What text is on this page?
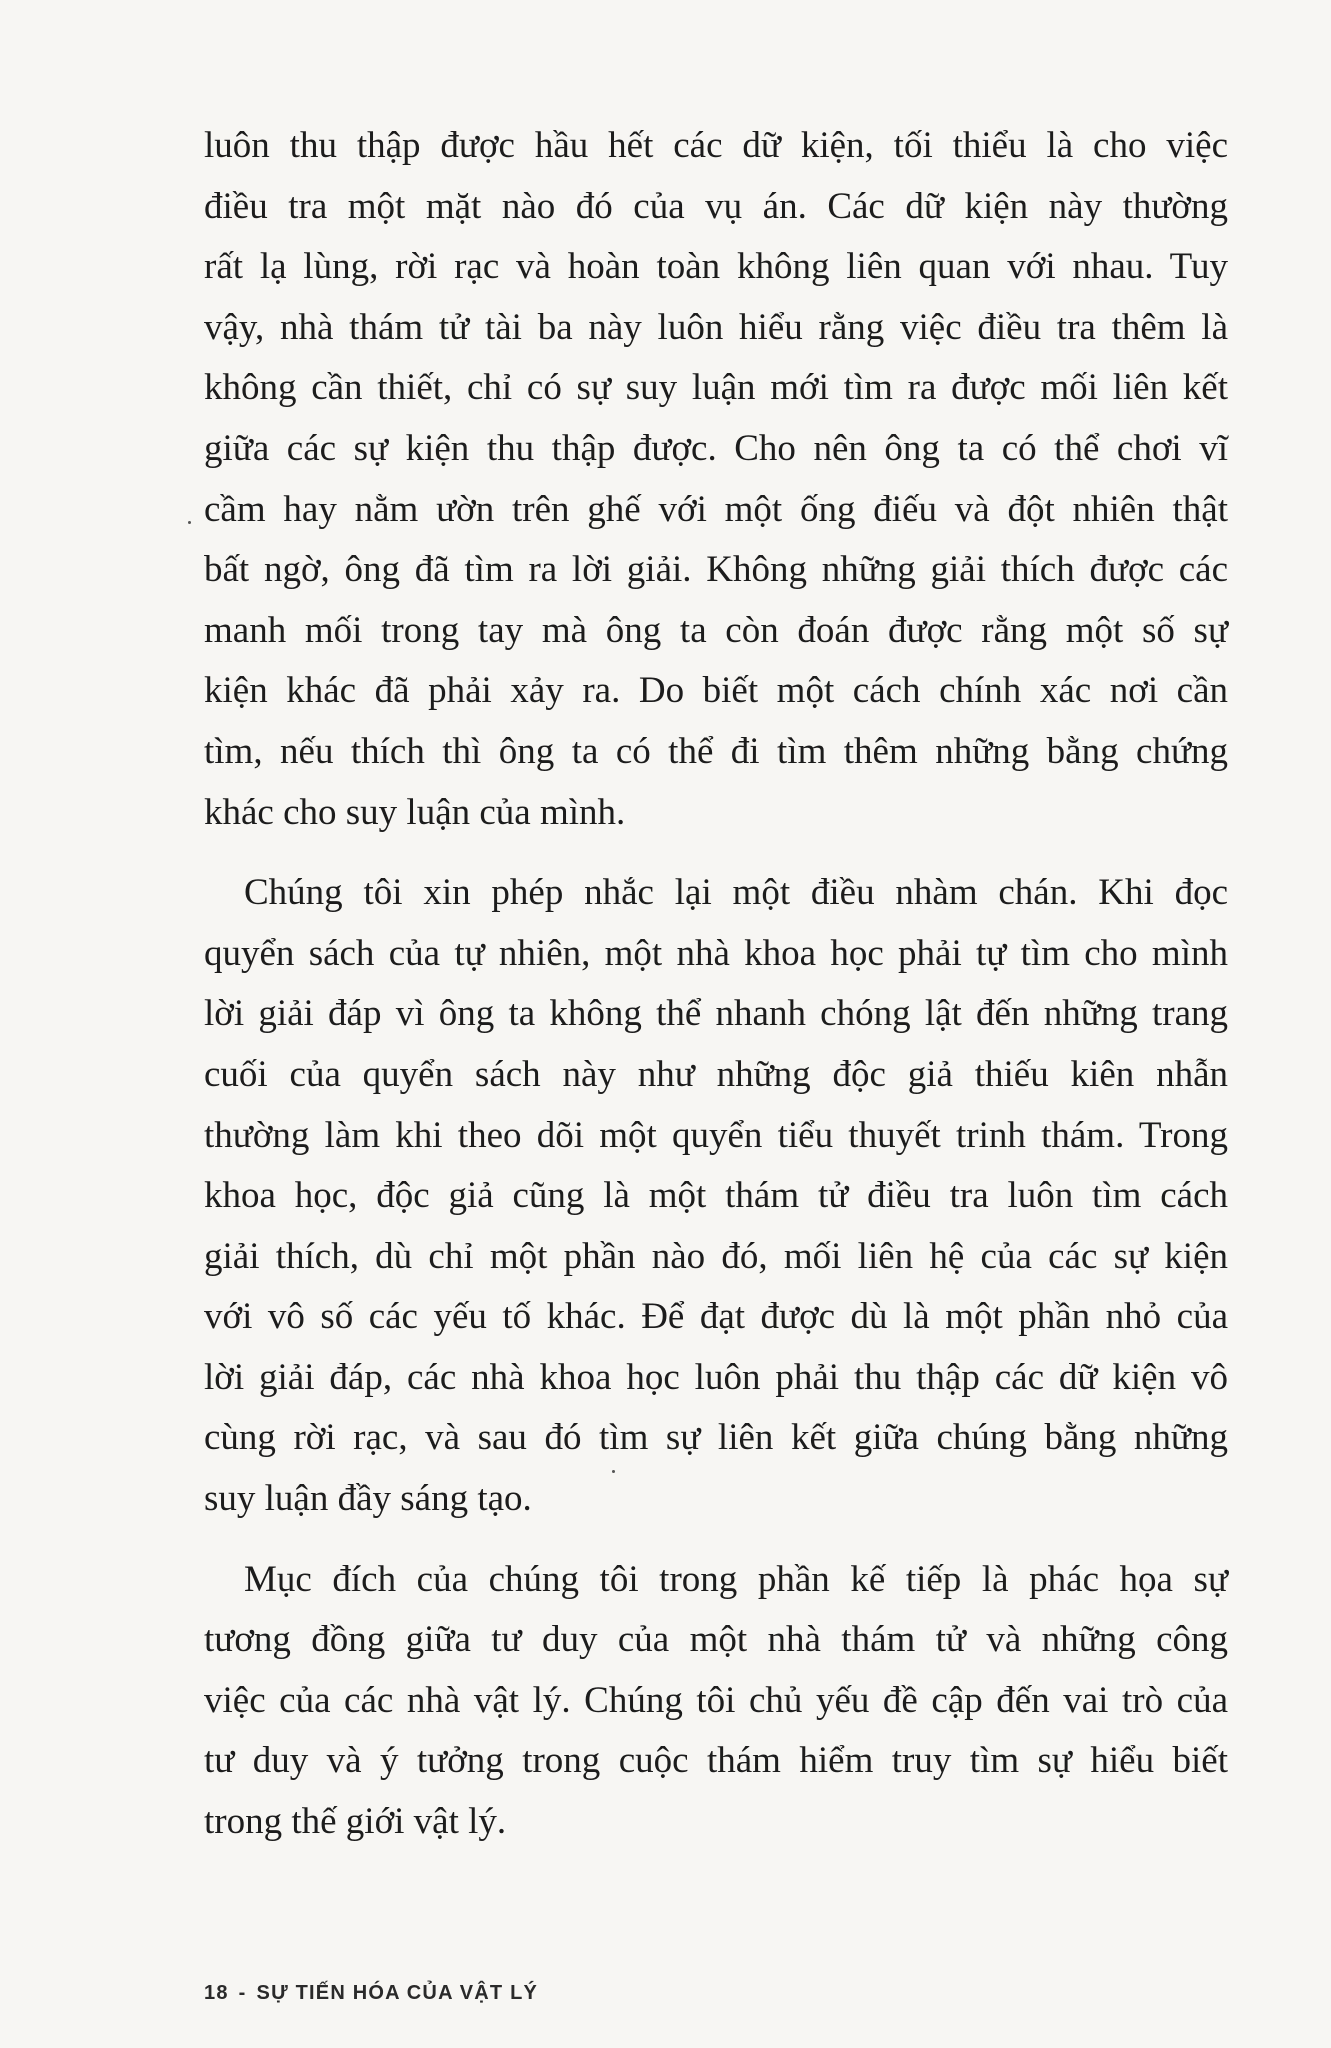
luôn thu thập được hầu hết các dữ kiện, tối thiểu là cho việc
điều tra một mặt nào đó của vụ án. Các dữ kiện này thường
rất lạ lùng, rời rạc và hoàn toàn không liên quan với nhau. Tuy
vậy, nhà thám tử tài ba này luôn hiểu rằng việc điều tra thêm là
không cần thiết, chỉ có sự suy luận mới tìm ra được mối liên kết
giữa các sự kiện thu thập được. Cho nên ông ta có thể chơi vĩ
cầm hay nằm ườn trên ghế với một ống điếu và đột nhiên thật
bất ngờ, ông đã tìm ra lời giải. Không những giải thích được các
manh mối trong tay mà ông ta còn đoán được rằng một số sự
kiện khác đã phải xảy ra. Do biết một cách chính xác nơi cần
tìm, nếu thích thì ông ta có thể đi tìm thêm những bằng chứng
khác cho suy luận của mình.
Chúng tôi xin phép nhắc lại một điều nhàm chán. Khi đọc
quyển sách của tự nhiên, một nhà khoa học phải tự tìm cho mình
lời giải đáp vì ông ta không thể nhanh chóng lật đến những trang
cuối của quyển sách này như những độc giả thiếu kiên nhẫn
thường làm khi theo dõi một quyển tiểu thuyết trinh thám. Trong
khoa học, độc giả cũng là một thám tử điều tra luôn tìm cách
giải thích, dù chỉ một phần nào đó, mối liên hệ của các sự kiện
với vô số các yếu tố khác. Để đạt được dù là một phần nhỏ của
lời giải đáp, các nhà khoa học luôn phải thu thập các dữ kiện vô
cùng rời rạc, và sau đó tìm sự liên kết giữa chúng bằng những
suy luận đầy sáng tạo.
Mục đích của chúng tôi trong phần kế tiếp là phác họa sự
tương đồng giữa tư duy của một nhà thám tử và những công
việc của các nhà vật lý. Chúng tôi chủ yếu đề cập đến vai trò của
tư duy và ý tưởng trong cuộc thám hiểm truy tìm sự hiểu biết
trong thế giới vật lý.
18 - SỰ TIẾN HÓA CỦA VẬT LÝ
